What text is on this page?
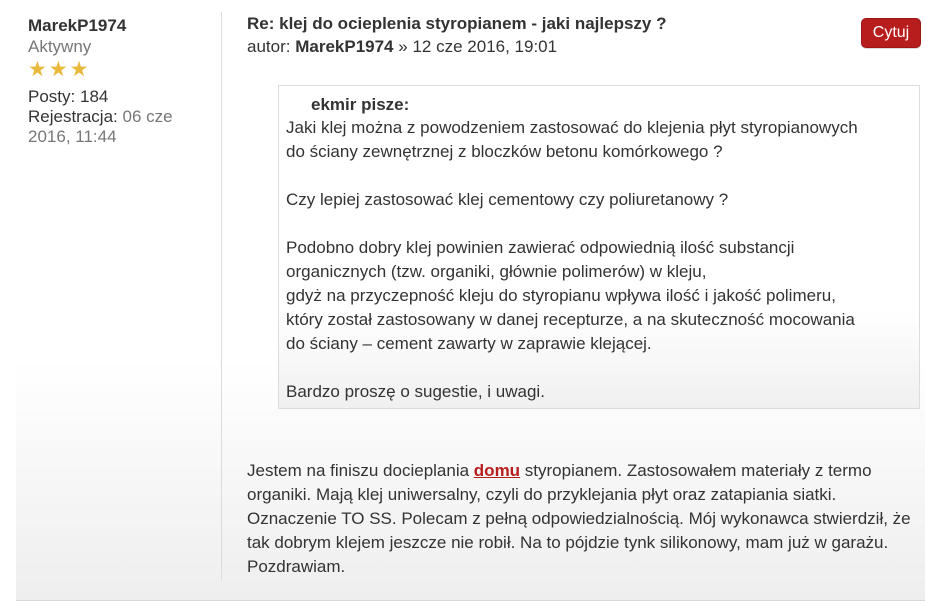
MarekP1974
Aktywny
★ ★ ★
Posty: 184
Rejestracja: 06 cze 2016, 11:44
Re: klej do ocieplenia styropianem - jaki najlepszy ?
autor: MarekP1974 » 12 cze 2016, 19:01
Cytuj
ekmir pisze:

Jaki klej można z powodzeniem zastosować do klejenia płyt styropianowych
do ściany zewnętrznej z bloczków betonu komórkowego ?

Czy lepiej zastosować klej cementowy czy poliuretanowy ?

Podobno dobry klej powinien zawierać odpowiednią ilość substancji
organicznych (tzw. organiki, głównie polimerów) w kleju,
gdyż na przyczepność kleju do styropianu wpływa ilość i jakość polimeru,
który został zastosowany w danej recepturze, a na skuteczność mocowania
do ściany – cement zawarty w zaprawie klejącej.

Bardzo proszę o sugestie, i uwagi.

Jestem na finiszu docieplania domu styropianem. Zastosowałem materiały z termo organiki. Mają klej uniwersalny, czyli do przyklejania płyt oraz zatapiania siatki. Oznaczenie TO SS. Polecam z pełną odpowiedzialnością. Mój wykonawca stwierdził, że tak dobrym klejem jeszcze nie robił. Na to pójdzie tynk silikonowy, mam już w garażu. Pozdrawiam.
